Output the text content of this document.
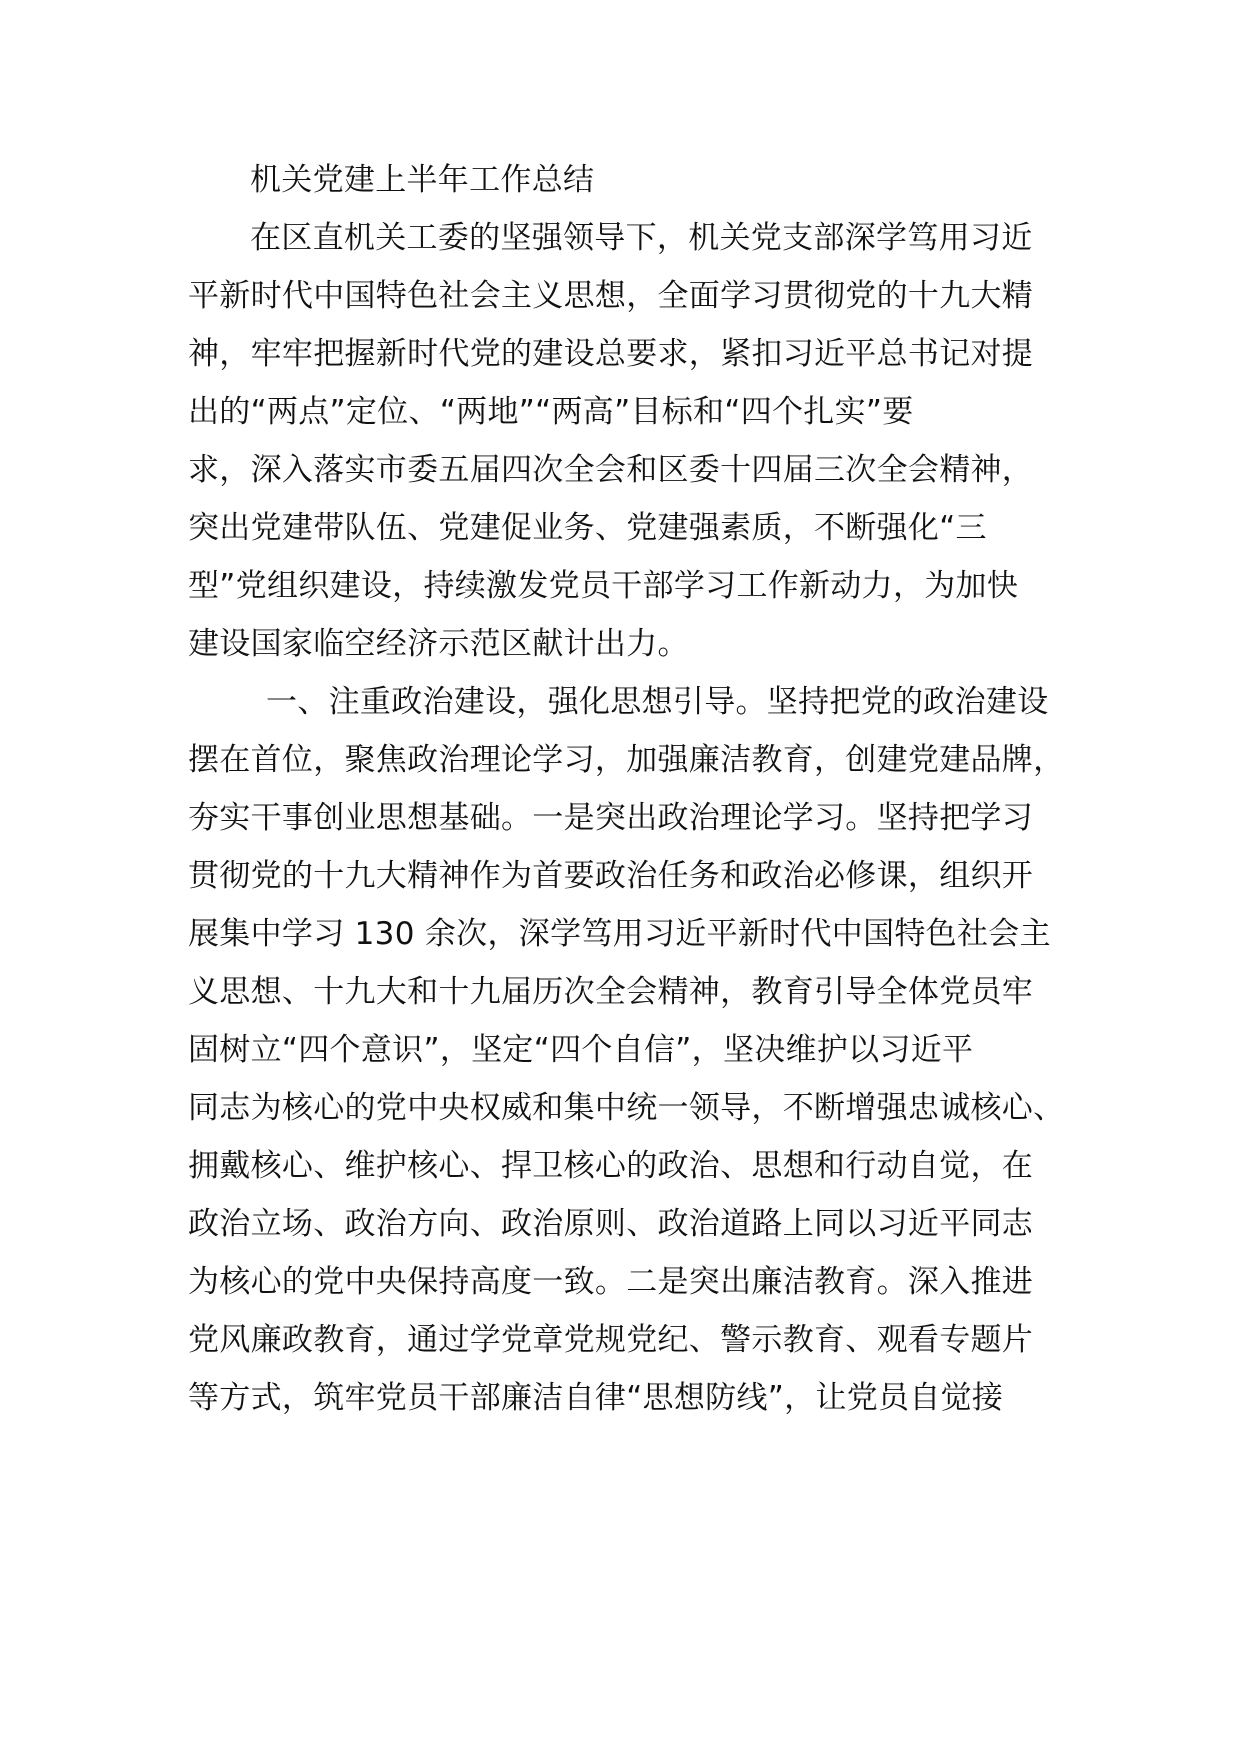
机关党建上半年工作总结
在区直机关工委的坚强领导下，机关党支部深学笃用习近
平新时代中国特色社会主义思想，全面学习贯彻党的十九大精
神，牢牢把握新时代党的建设总要求，紧扣习近平总书记对提
出的“两点”定位、“两地”“两高”目标和“四个扎实”要
求，深入落实市委五届四次全会和区委十四届三次全会精神，
突出党建带队伍、党建促业务、党建强素质，不断强化“三
型”党组织建设，持续激发党员干部学习工作新动力，为加快
建设国家临空经济示范区献计出力。
一、注重政治建设，强化思想引导。坚持把党的政治建设
摆在首位，聚焦政治理论学习，加强廉洁教育，创建党建品牌，
夯实干事创业思想基础。一是突出政治理论学习。坚持把学习
贯彻党的十九大精神作为首要政治任务和政治必修课，组织开
展集中学习 130 余次，深学笃用习近平新时代中国特色社会主
义思想、十九大和十九届历次全会精神，教育引导全体党员牢
固树立“四个意识”，坚定“四个自信”，坚决维护以习近平
同志为核心的党中央权威和集中统一领导，不断增强忠诚核心、
拥戴核心、维护核心、捍卫核心的政治、思想和行动自觉，在
政治立场、政治方向、政治原则、政治道路上同以习近平同志
为核心的党中央保持高度一致。二是突出廉洁教育。深入推进
党风廉政教育，通过学党章党规党纪、警示教育、观看专题片
等方式，筑牢党员干部廉洁自律“思想防线”，让党员自觉接
